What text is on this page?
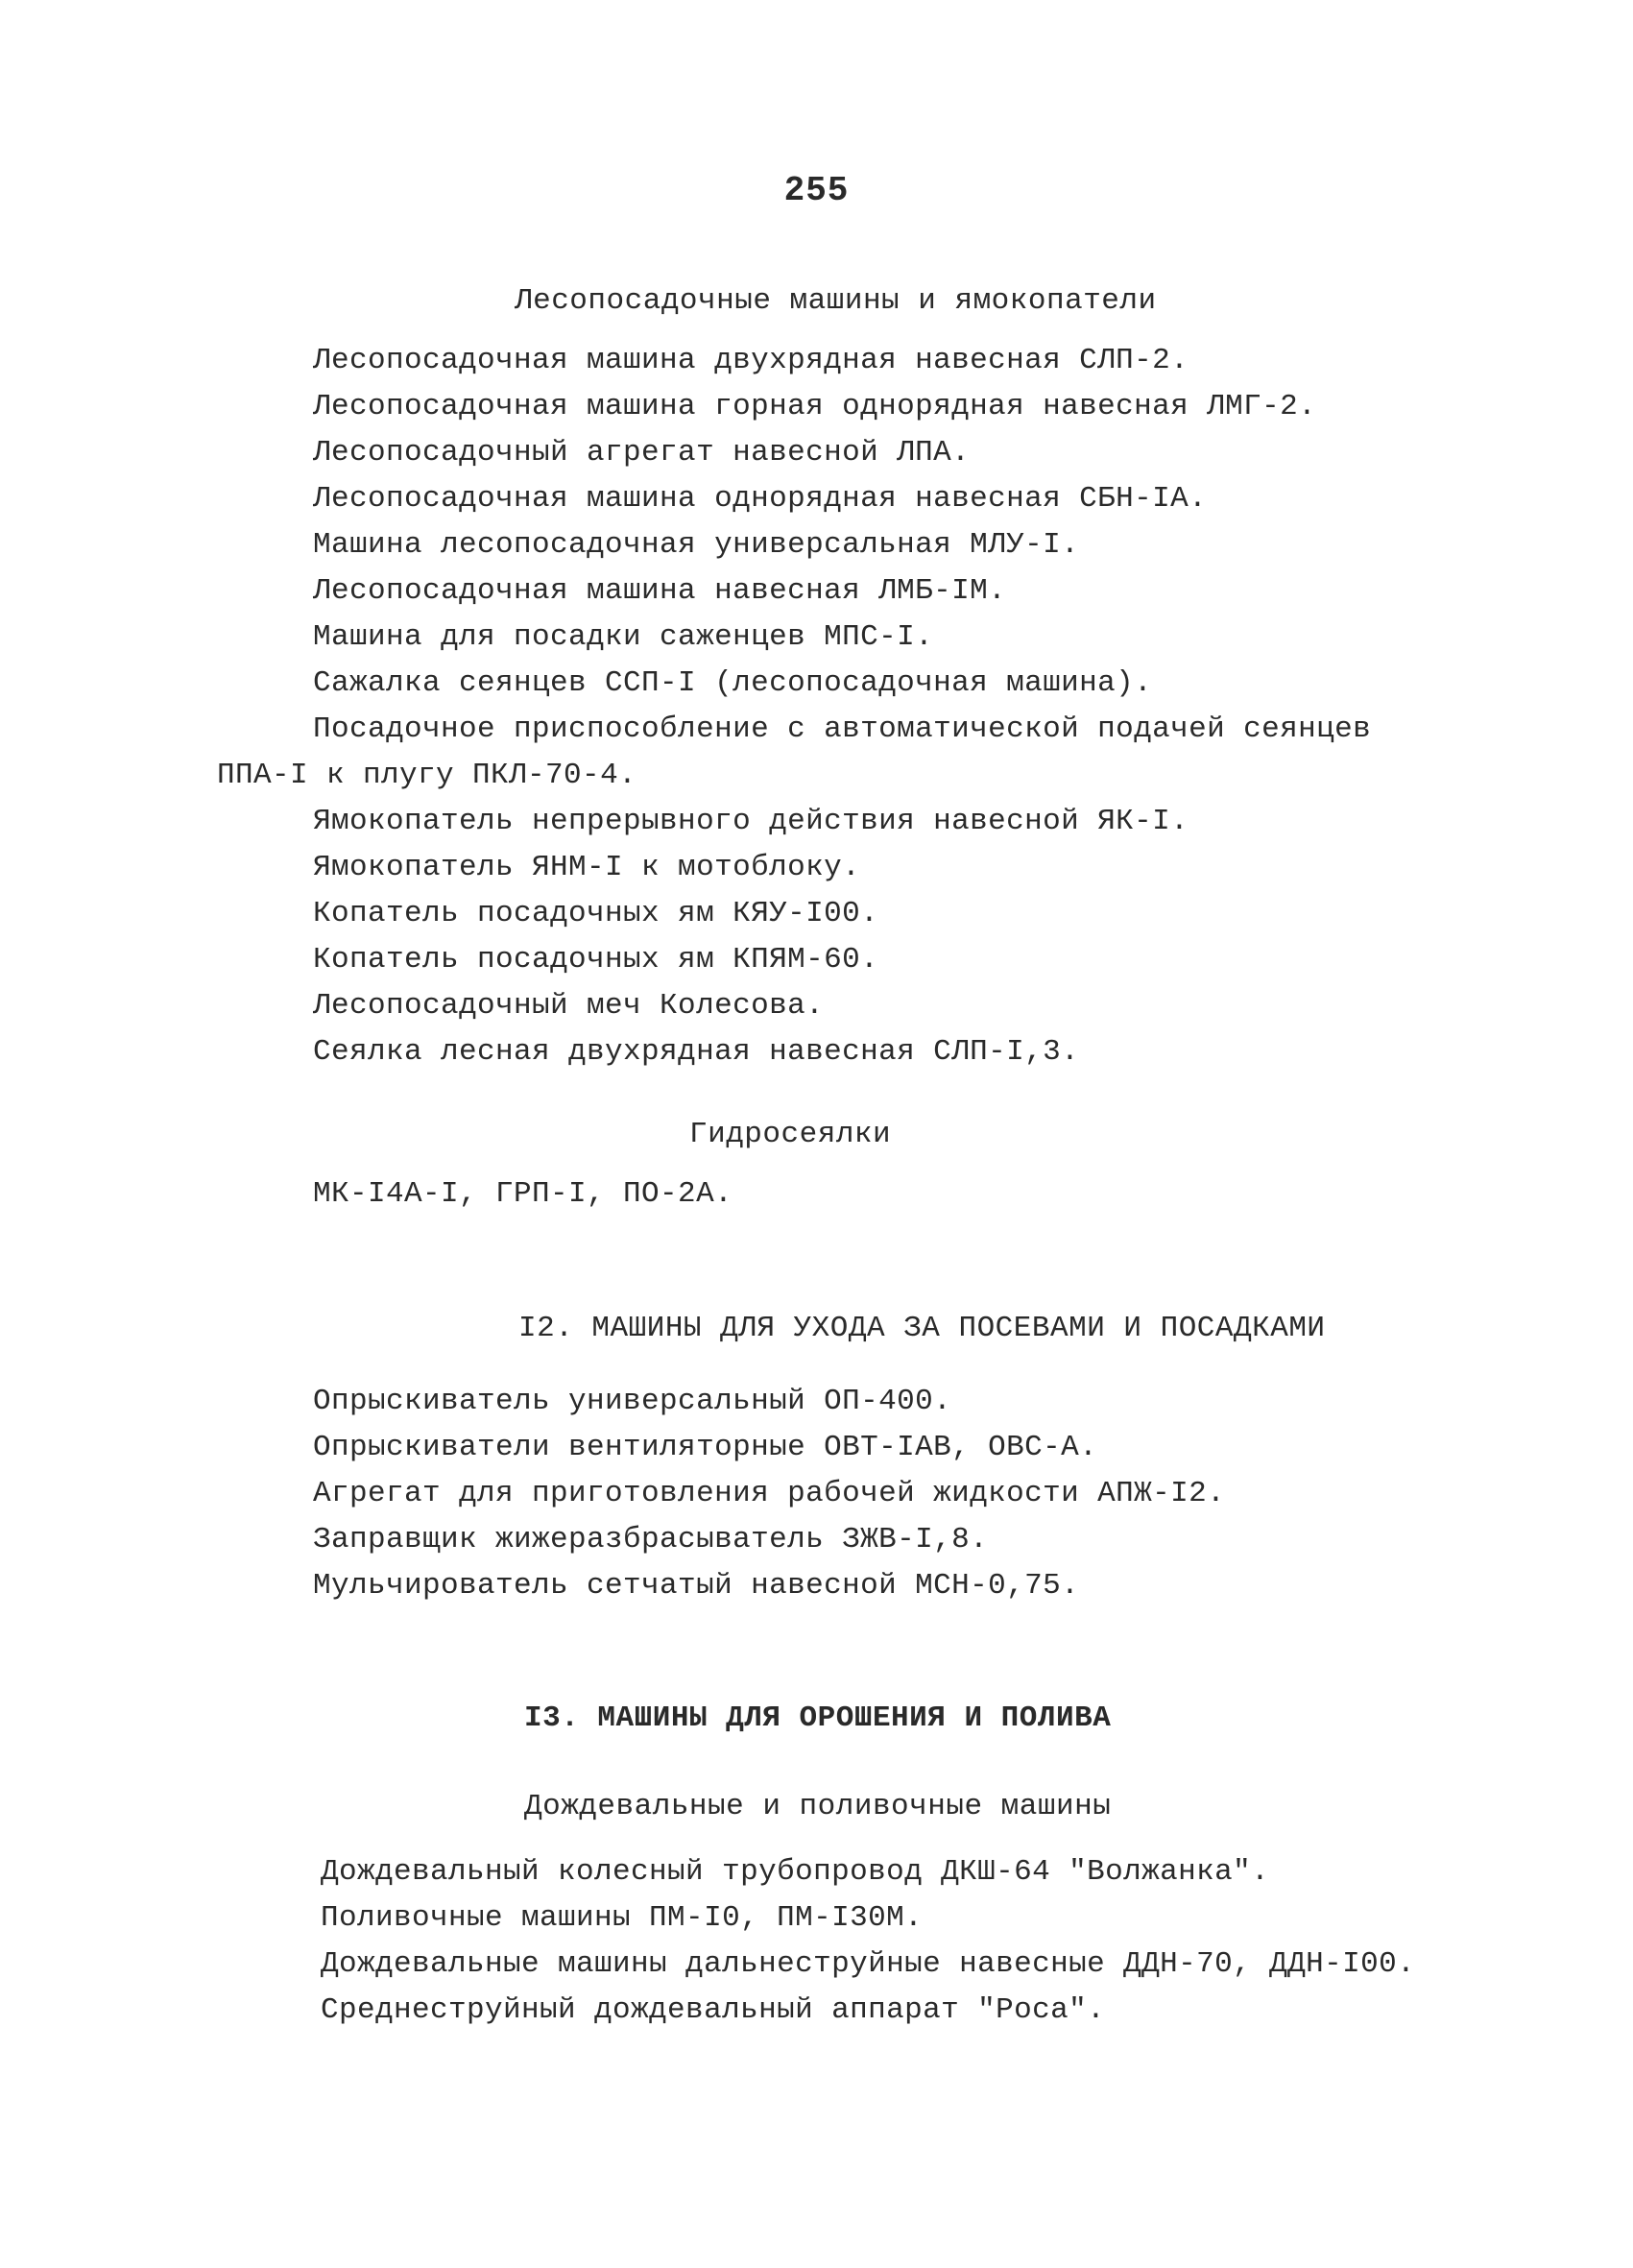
255
Лесопосадочные машины и ямокопатели
Лесопосадочная машина двухрядная навесная СЛП-2.
Лесопосадочная машина горная однорядная навесная ЛМГ-2.
Лесопосадочный агрегат навесной ЛПА.
Лесопосадочная машина однорядная навесная СБН-IА.
Машина лесопосадочная универсальная МЛУ-I.
Лесопосадочная машина навесная ЛМБ-IМ.
Машина для посадки саженцев МПС-I.
Сажалка сеянцев ССП-I (лесопосадочная машина).
Посадочное приспособление с автоматической подачей сеянцев
ППА-I к плугу ПКЛ-70-4.
Ямокопатель непрерывного действия навесной ЯК-I.
Ямокопатель ЯНМ-I к мотоблоку.
Копатель посадочных ям КЯУ-I00.
Копатель посадочных ям КПЯМ-60.
Лесопосадочный меч Колесова.
Сеялка лесная двухрядная навесная СЛП-I,3.
Гидросеялки
МК-I4А-I, ГРП-I, ПО-2А.
I2. МАШИНЫ ДЛЯ УХОДА ЗА ПОСЕВАМИ И ПОСАДКАМИ
Опрыскиватель универсальный ОП-400.
Опрыскиватели вентиляторные ОВТ-IАВ, ОВС-А.
Агрегат для приготовления рабочей жидкости АПЖ-I2.
Заправщик жижеразбрасыватель ЗЖВ-I,8.
Мульчирователь сетчатый навесной МСН-0,75.
I3. МАШИНЫ ДЛЯ ОРОШЕНИЯ И ПОЛИВА
Дождевальные и поливочные машины
Дождевальный колесный трубопровод ДКШ-64 "Волжанка".
Поливочные машины ПМ-I0, ПМ-I30М.
Дождевальные машины дальнеструйные навесные ДДН-70, ДДН-I00.
Среднеструйный дождевальный аппарат "Роса".
